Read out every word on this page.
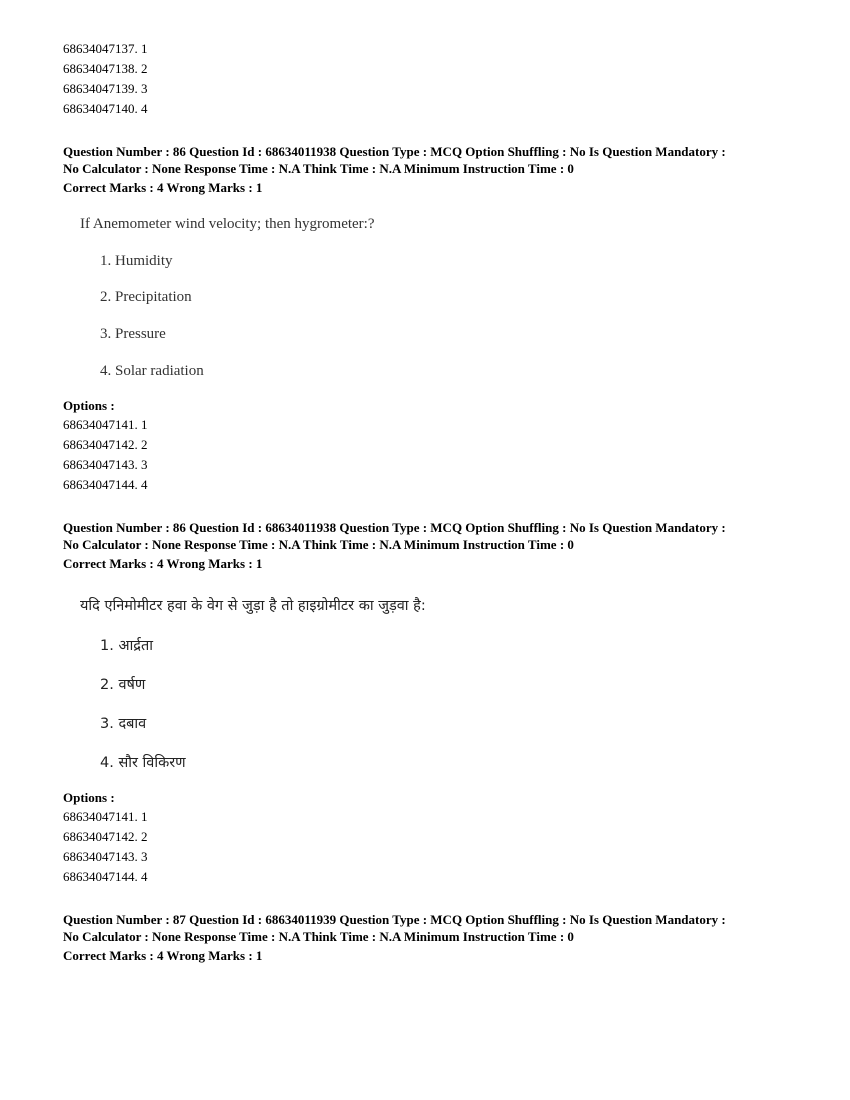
68634047137. 1
68634047138. 2
68634047139. 3
68634047140. 4
Question Number : 86 Question Id : 68634011938 Question Type : MCQ Option Shuffling : No Is Question Mandatory :
No Calculator : None Response Time : N.A Think Time : N.A Minimum Instruction Time : 0
Correct Marks : 4 Wrong Marks : 1
If Anemometer wind velocity; then hygrometer:?
1. Humidity
2. Precipitation
3. Pressure
4. Solar radiation
Options :
68634047141. 1
68634047142. 2
68634047143. 3
68634047144. 4
Question Number : 86 Question Id : 68634011938 Question Type : MCQ Option Shuffling : No Is Question Mandatory :
No Calculator : None Response Time : N.A Think Time : N.A Minimum Instruction Time : 0
Correct Marks : 4 Wrong Marks : 1
यदि एनिमोमीटर हवा के वेग से जुड़ा है तो हाइग्रोमीटर का जुड़वा है:
1. आर्द्रता
2. वर्षण
3. दबाव
4. सौर विकिरण
Options :
68634047141. 1
68634047142. 2
68634047143. 3
68634047144. 4
Question Number : 87 Question Id : 68634011939 Question Type : MCQ Option Shuffling : No Is Question Mandatory :
No Calculator : None Response Time : N.A Think Time : N.A Minimum Instruction Time : 0
Correct Marks : 4 Wrong Marks : 1
